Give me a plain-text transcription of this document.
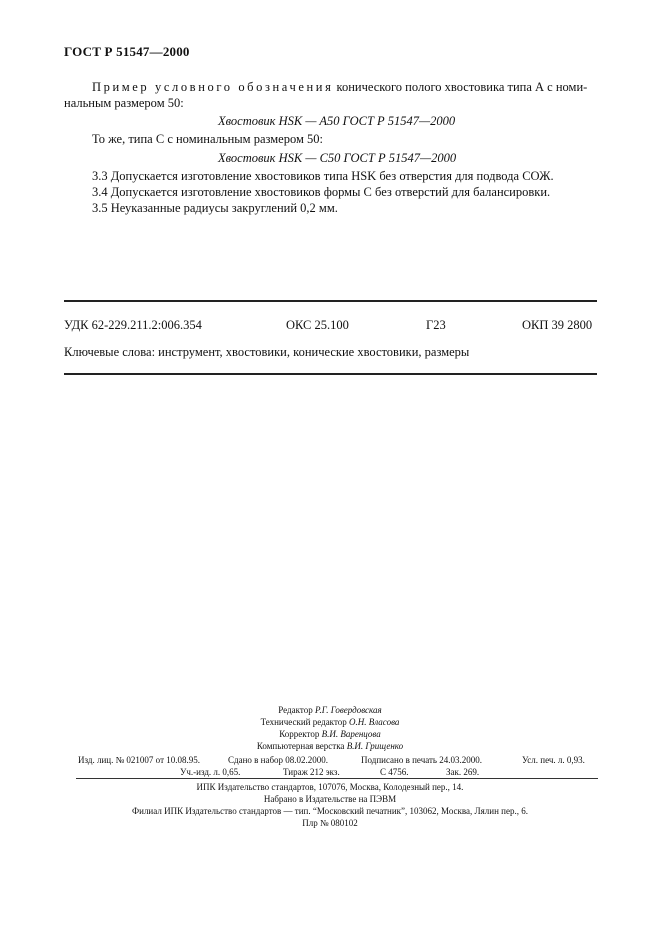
ГОСТ Р 51547—2000
Пример условного обозначения конического полого хвостовика типа А с номи-
нальным размером 50:
Хвостовик HSK — A50 ГОСТ Р 51547—2000
То же, типа С с номинальным размером 50:
Хвостовик HSK — C50 ГОСТ Р 51547—2000
3.3 Допускается изготовление хвостовиков типа HSK без отверстия для подвода СОЖ.
3.4 Допускается изготовление хвостовиков формы С без отверстий для балансировки.
3.5 Неуказанные радиусы закруглений 0,2 мм.
УДК 62-229.211.2:006.354	ОКС 25.100	Г23	ОКП 39 2800
Ключевые слова: инструмент, хвостовики, конические хвостовики, размеры
Редактор Р.Г. Говердовская
Технический редактор О.Н. Власова
Корректор В.И. Варенцова
Компьютерная верстка В.И. Грищенко
Изд. лиц. № 021007 от 10.08.95.	Сдано в набор 08.02.2000.	Подписано в печать 24.03.2000.	Усл. печ. л. 0,93.
Уч.-изд. л. 0,65.	Тираж 212 экз.	С 4756.	Зак. 269.
ИПК Издательство стандартов, 107076, Москва, Колодезный пер., 14.
Набрано в Издательстве на ПЭВМ
Филиал ИПК Издательство стандартов — тип. “Московский печатник”, 103062, Москва, Лялин пер., 6.
Плр № 080102
